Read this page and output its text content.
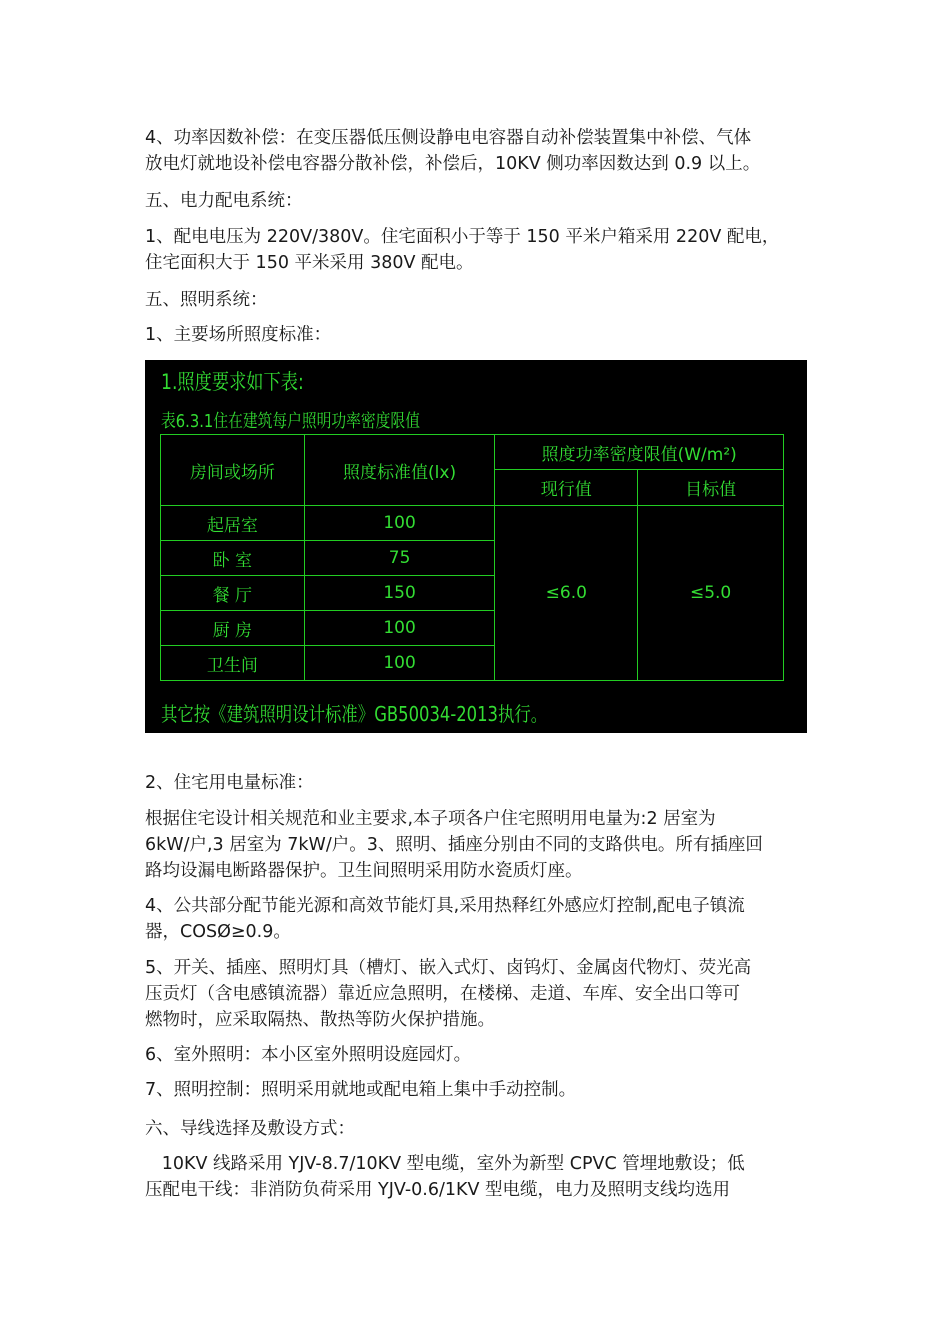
4、功率因数补偿：在变压器低压侧设静电电容器自动补偿装置集中补偿、气体
放电灯就地设补偿电容器分散补偿，补偿后，10KV 侧功率因数达到 0.9 以上。

五、电力配电系统：

1、配电电压为 220V/380V。住宅面积小于等于 150 平米户箱采用 220V 配电，
住宅面积大于 150 平米采用 380V 配电。

五、照明系统：

1、主要场所照度标准：

1.照度要求如下表:
表6.3.1住在建筑每户照明功率密度限值
房间或场所	照度标准值(lx)	照度功率密度限值(W/m²)	
		现行值	目标值
起居室	100	≤6.0	≤5.0
卧 室	75		
餐 厅	150		
厨 房	100		
卫生间	100		
其它按《建筑照明设计标准》GB50034-2013执行。

2、住宅用电量标准：

根据住宅设计相关规范和业主要求,本子项各户住宅照明用电量为:2 居室为
6kW/户,3 居室为 7kW/户。3、照明、插座分别由不同的支路供电。所有插座回
路均设漏电断路器保护。卫生间照明采用防水瓷质灯座。

4、公共部分配节能光源和高效节能灯具,采用热释红外感应灯控制,配电子镇流
器，COSØ≥0.9。

5、开关、插座、照明灯具（槽灯、嵌入式灯、卤钨灯、金属卤代物灯、荧光高
压贡灯（含电感镇流器）靠近应急照明，在楼梯、走道、车库、安全出口等可
燃物时，应采取隔热、散热等防火保护措施。

6、室外照明：本小区室外照明设庭园灯。

7、照明控制：照明采用就地或配电箱上集中手动控制。

六、导线选择及敷设方式：

10KV 线路采用 YJV-8.7/10KV 型电缆，室外为新型 CPVC 管埋地敷设；低
压配电干线：非消防负荷采用 YJV-0.6/1KV 型电缆，电力及照明支线均选用
